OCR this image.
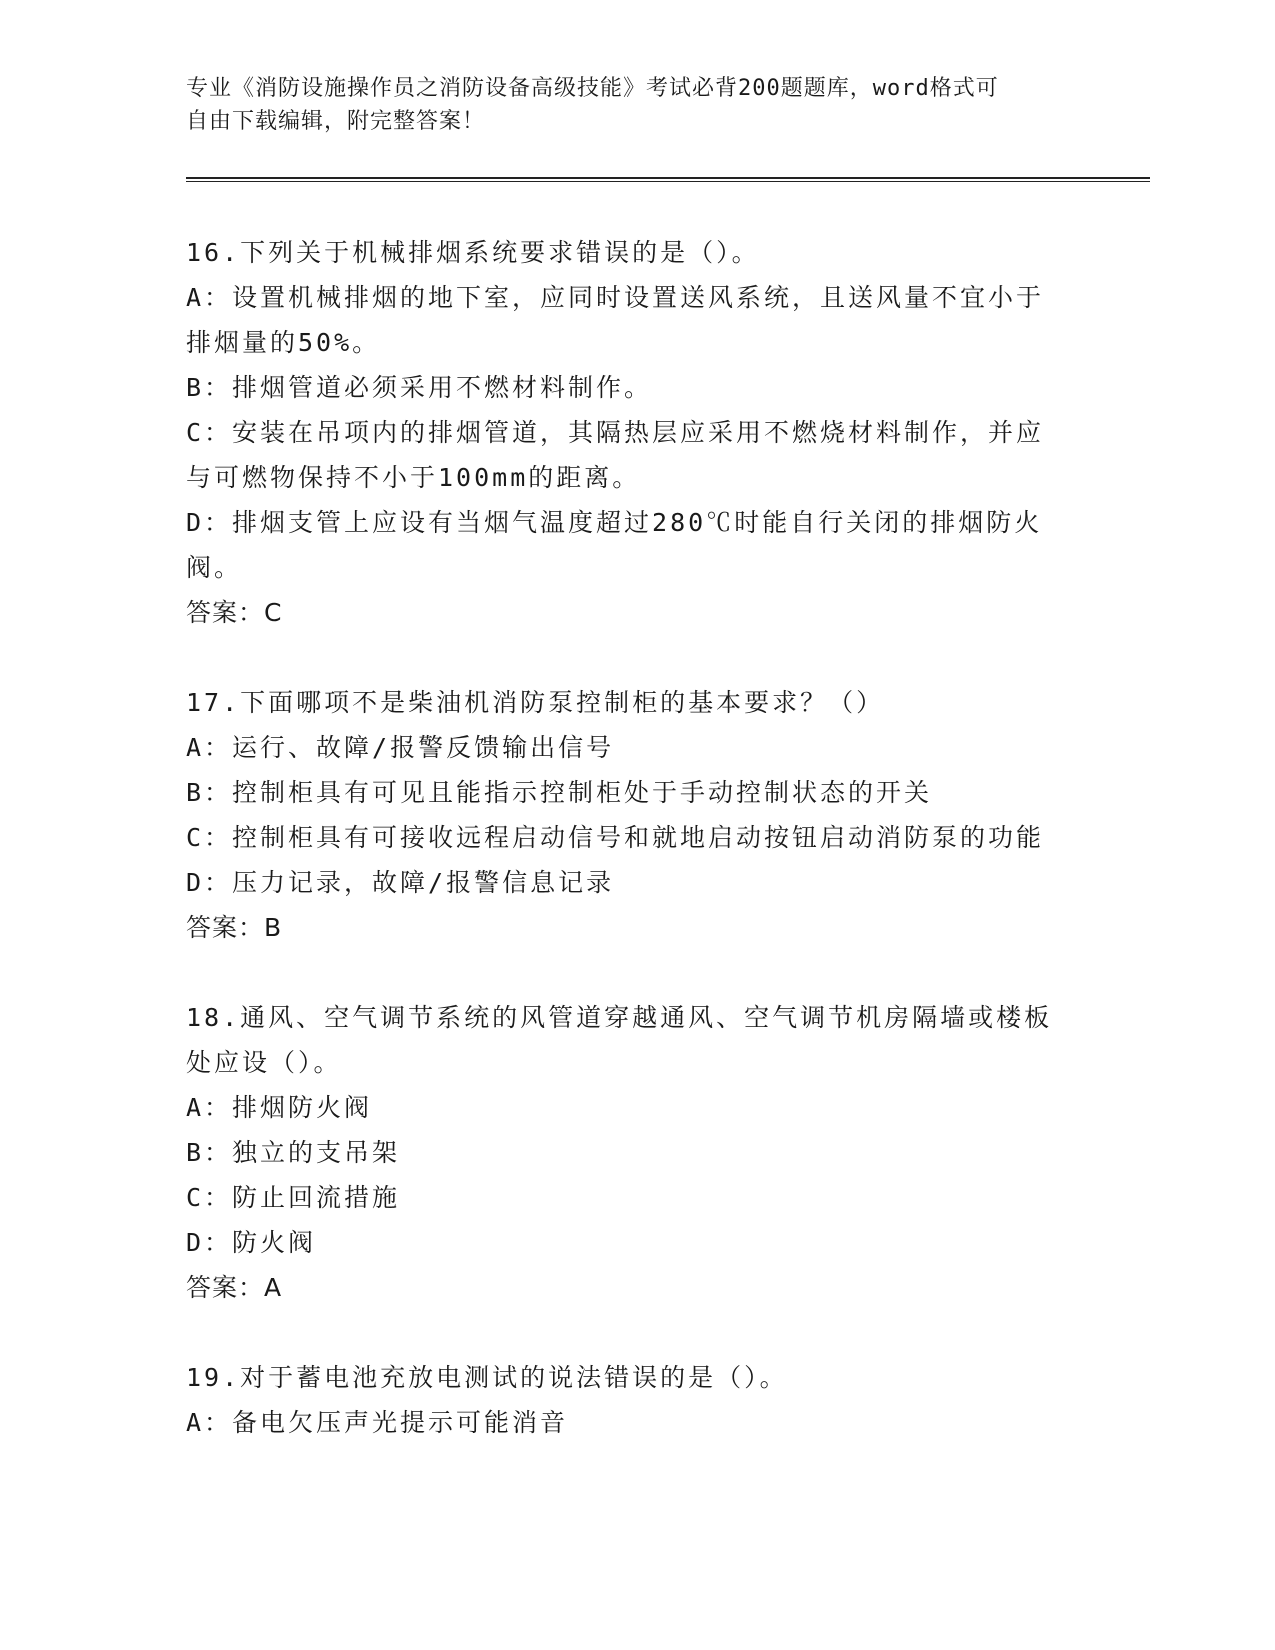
专业《消防设施操作员之消防设备高级技能》考试必背200题题库，word格式可
自由下载编辑，附完整答案！
16.下列关于机械排烟系统要求错误的是（）。
A：设置机械排烟的地下室，应同时设置送风系统，且送风量不宜小于
排烟量的50%。
B：排烟管道必须采用不燃材料制作。
C：安装在吊项内的排烟管道，其隔热层应采用不燃烧材料制作，并应
与可燃物保持不小于100mm的距离。
D：排烟支管上应设有当烟气温度超过280℃时能自行关闭的排烟防火
阀。
答案：C
17.下面哪项不是柴油机消防泵控制柜的基本要求？（）
A：运行、故障/报警反馈输出信号
B：控制柜具有可见且能指示控制柜处于手动控制状态的开关
C：控制柜具有可接收远程启动信号和就地启动按钮启动消防泵的功能
D：压力记录，故障/报警信息记录
答案：B
18.通风、空气调节系统的风管道穿越通风、空气调节机房隔墙或楼板
处应设（）。
A：排烟防火阀
B：独立的支吊架
C：防止回流措施
D：防火阀
答案：A
19.对于蓄电池充放电测试的说法错误的是（）。
A：备电欠压声光提示可能消音
